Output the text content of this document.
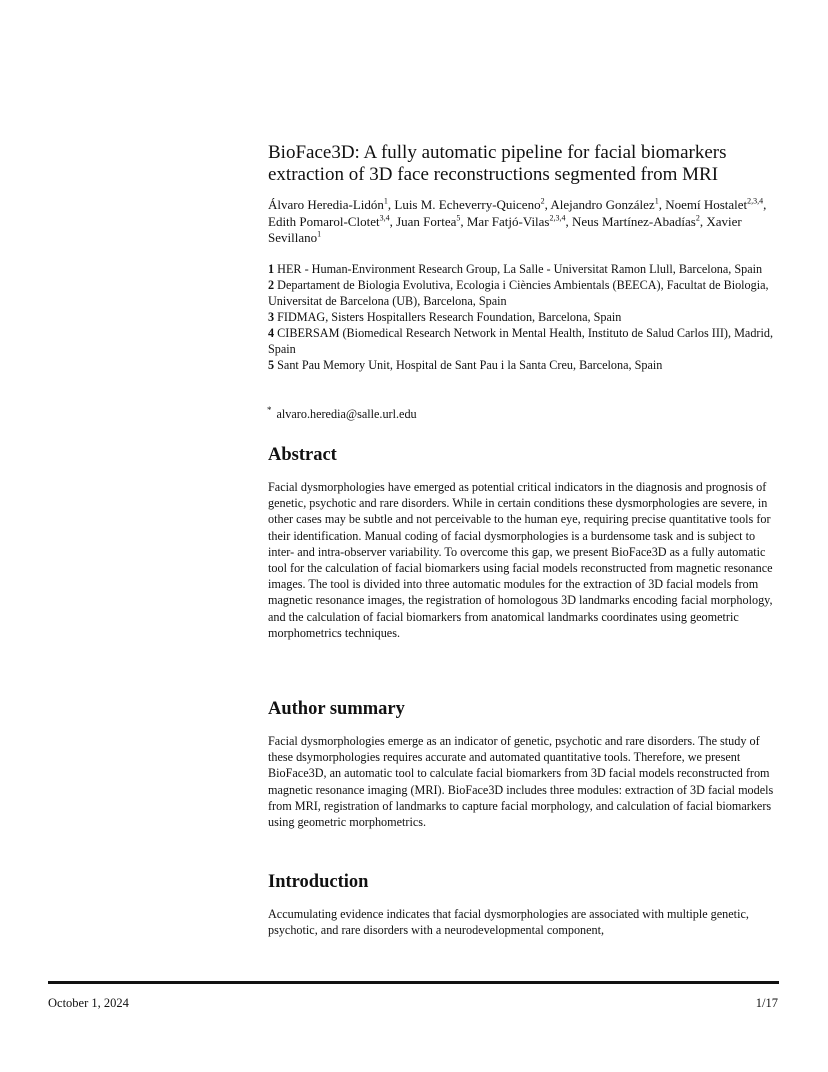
BioFace3D: A fully automatic pipeline for facial biomarkers extraction of 3D face reconstructions segmented from MRI
Álvaro Heredia-Lidón$^1$, Luis M. Echeverry-Quiceno$^2$, Alejandro González$^1$, Noemí Hostalet$^{2,3,4}$, Edith Pomarol-Clotet$^{3,4}$, Juan Fortea$^5$, Mar Fatjó-Vilas$^{2,3,4}$, Neus Martínez-Abadías$^2$, Xavier Sevillano$^1$
1 HER - Human-Environment Research Group, La Salle - Universitat Ramon Llull, Barcelona, Spain
2 Departament de Biologia Evolutiva, Ecologia i Ciències Ambientals (BEECA), Facultat de Biologia, Universitat de Barcelona (UB), Barcelona, Spain
3 FIDMAG, Sisters Hospitallers Research Foundation, Barcelona, Spain
4 CIBERSAM (Biomedical Research Network in Mental Health, Instituto de Salud Carlos III), Madrid, Spain
5 Sant Pau Memory Unit, Hospital de Sant Pau i la Santa Creu, Barcelona, Spain
* alvaro.heredia@salle.url.edu
Abstract

Facial dysmorphologies have emerged as potential critical indicators in the diagnosis and prognosis of genetic, psychotic and rare disorders. While in certain conditions these dysmorphologies are severe, in other cases may be subtle and not perceivable to the human eye, requiring precise quantitative tools for their identification. Manual coding of facial dysmorphologies is a burdensome task and is subject to inter- and intra-observer variability. To overcome this gap, we present BioFace3D as a fully automatic tool for the calculation of facial biomarkers using facial models reconstructed from magnetic resonance images. The tool is divided into three automatic modules for the extraction of 3D facial models from magnetic resonance images, the registration of homologous 3D landmarks encoding facial morphology, and the calculation of facial biomarkers from anatomical landmarks coordinates using geometric morphometrics techniques.

Author summary

Facial dysmorphologies emerge as an indicator of genetic, psychotic and rare disorders. The study of these dsymorphologies requires accurate and automated quantitative tools. Therefore, we present BioFace3D, an automatic tool to calculate facial biomarkers from 3D facial models reconstructed from magnetic resonance imaging (MRI). BioFace3D includes three modules: extraction of 3D facial models from MRI, registration of landmarks to capture facial morphology, and calculation of facial biomarkers using geometric morphometrics.

Introduction

Accumulating evidence indicates that facial dysmorphologies are associated with multiple genetic, psychotic, and rare disorders with a neurodevelopmental component,

October 1, 2024	1/17
